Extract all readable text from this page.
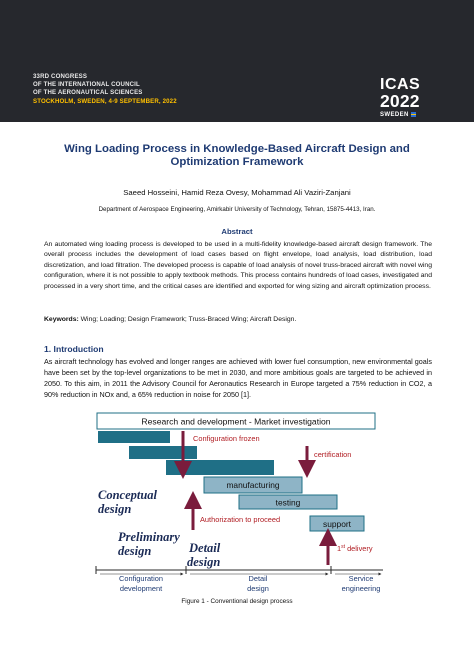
33RD CONGRESS
OF THE INTERNATIONAL COUNCIL
OF THE AERONAUTICAL SCIENCES
STOCKHOLM, SWEDEN, 4-9 SEPTEMBER, 2022
ICAS
2022
SWEDEN
Wing Loading Process in Knowledge-Based Aircraft Design and
Optimization Framework
Saeed Hosseini, Hamid Reza Ovesy, Mohammad Ali Vaziri-Zanjani
Department of Aerospace Engineering, Amirkabir University of Technology, Tehran, 15875-4413, Iran.
Abstract
An automated wing loading process is developed to be used in a multi-fidelity knowledge-based aircraft design framework. The overall process includes the development of load cases based on flight envelope, load analysis, load distribution, load discretization, and load filtration. The developed process is capable of load analysis of novel truss-braced aircraft with novel wing configuration, where it is not possible to apply textbook methods. This process contains hundreds of load cases, investigated and processed in a very short time, and the critical cases are identified and exported for wing sizing and aircraft optimization process.
Keywords: Wing; Loading; Design Framework; Truss-Braced Wing; Aircraft Design.
1. Introduction
As aircraft technology has evolved and longer ranges are achieved with lower fuel consumption, new environmental goals have been set by the top-level organizations to be met in 2030, and more ambitious goals are targeted to be achieved in 2050. To this aim, in 2011 the Advisory Council for Aeronautics Research in Europe targeted a 75% reduction in CO2, a 90% reduction in NOx and, a 65% reduction in noise for 2050 [1].
Research and development - Market investigation
manufacturing
testing
support
Configuration frozen
certification
Authorization to proceed
1st delivery
Conceptual
design
Preliminary
design	Detail
design
Configuration
development
Detail
design
Service
engineering
Figure 1 - Conventional design process
